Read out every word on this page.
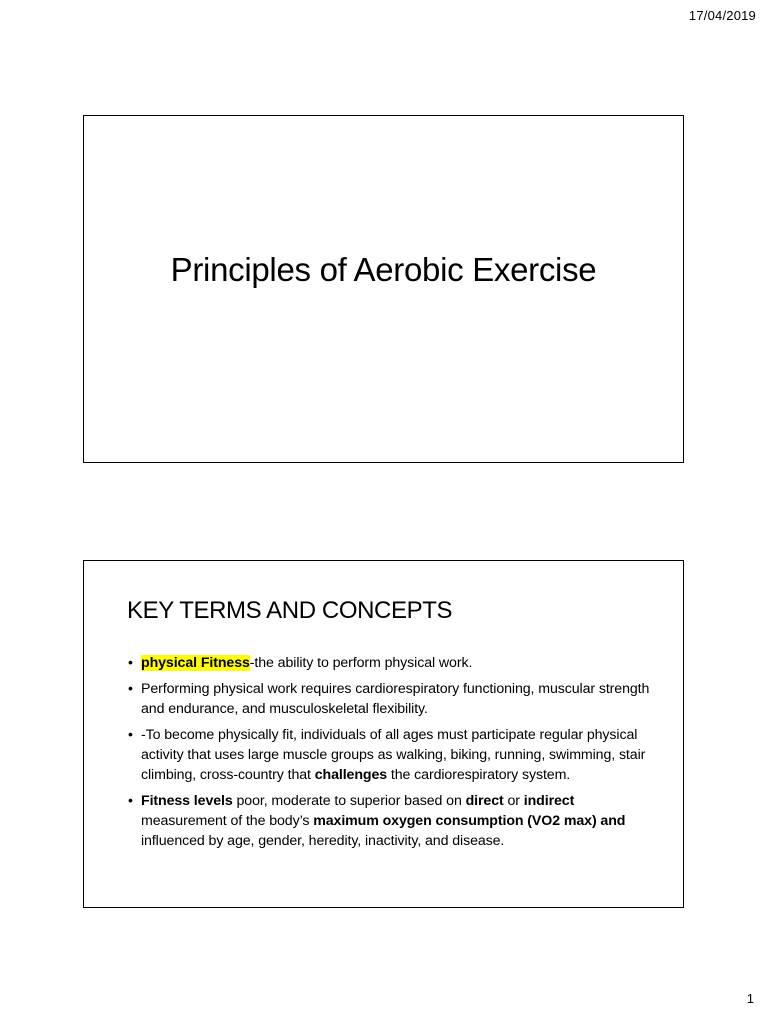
17/04/2019
Principles of Aerobic Exercise
KEY TERMS AND CONCEPTS
• physical Fitness-the ability to perform physical work.
• Performing physical work requires cardiorespiratory functioning, muscular strength and endurance, and musculoskeletal flexibility.
• -To become physically fit, individuals of all ages must participate regular physical activity that uses large muscle groups as walking, biking, running, swimming, stair climbing, cross-country that challenges the cardiorespiratory system.
• Fitness levels poor, moderate to superior based on direct or indirect measurement of the body’s maximum oxygen consumption (VO2 max) and influenced by age, gender, heredity, inactivity, and disease.
1
